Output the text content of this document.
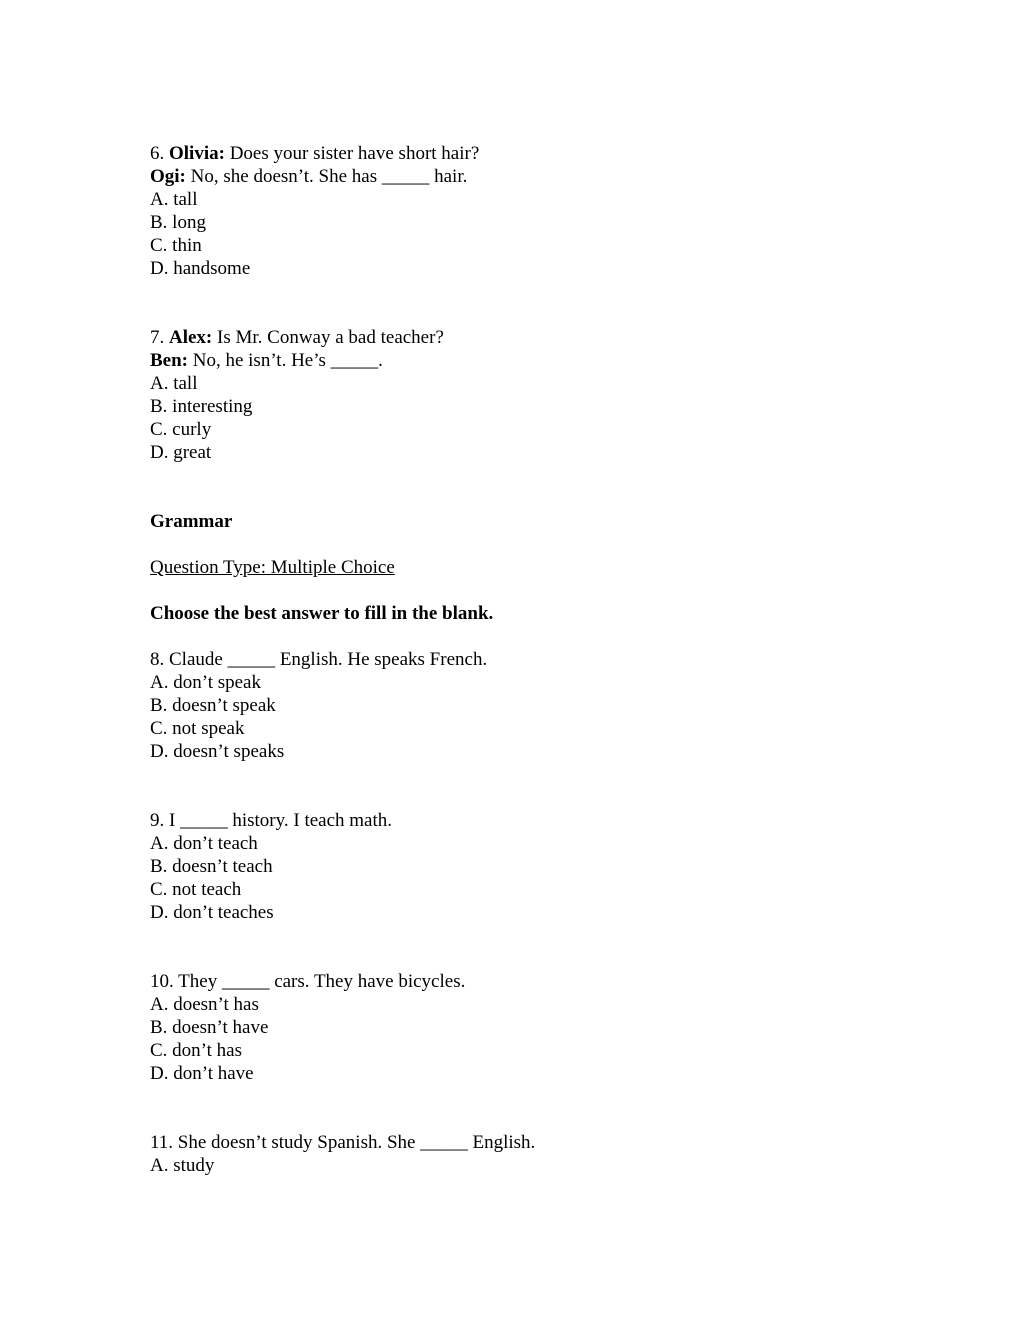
6. Olivia: Does your sister have short hair?
Ogi: No, she doesn’t. She has _____ hair.
A. tall
B. long
C. thin
D. handsome
7. Alex: Is Mr. Conway a bad teacher?
Ben: No, he isn’t. He’s _____.
A. tall
B. interesting
C. curly
D. great
Grammar
Question Type: Multiple Choice
Choose the best answer to fill in the blank.
8. Claude _____ English. He speaks French.
A. don’t speak
B. doesn’t speak
C. not speak
D. doesn’t speaks
9. I _____ history. I teach math.
A. don’t teach
B. doesn’t teach
C. not teach
D. don’t teaches
10. They _____ cars. They have bicycles.
A. doesn’t has
B. doesn’t have
C. don’t has
D. don’t have
11. She doesn’t study Spanish. She _____ English.
A. study
